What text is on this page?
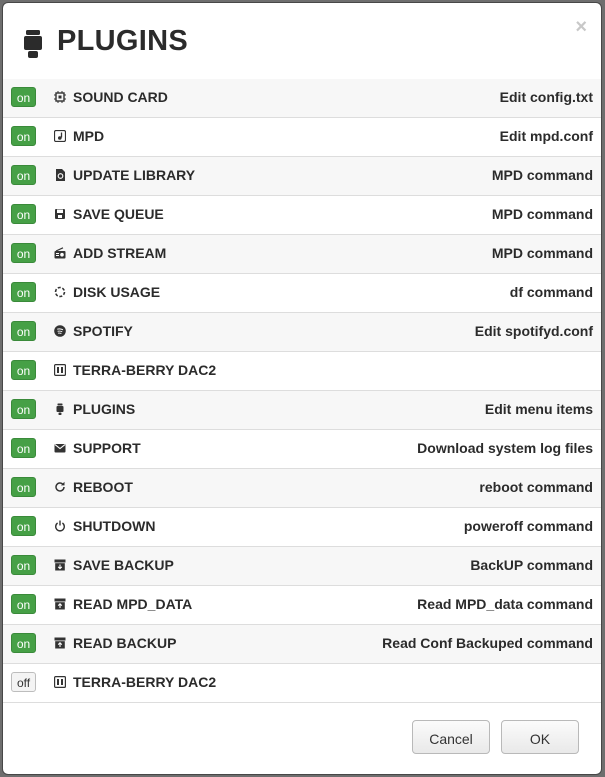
PLUGINS	×
on	SOUND CARD	Edit config.txt
on	MPD	Edit mpd.conf
on	UPDATE LIBRARY	MPD command
on	SAVE QUEUE	MPD command
on	ADD STREAM	MPD command
on	DISK USAGE	df command
on	SPOTIFY	Edit spotifyd.conf
on	TERRA-BERRY DAC2
on	PLUGINS	Edit menu items
on	SUPPORT	Download system log files
on	REBOOT	reboot command
on	SHUTDOWN	poweroff command
on	SAVE BACKUP	BackUP command
on	READ MPD_DATA	Read MPD_data command
on	READ BACKUP	Read Conf Backuped command
off	TERRA-BERRY DAC2
Cancel	OK
